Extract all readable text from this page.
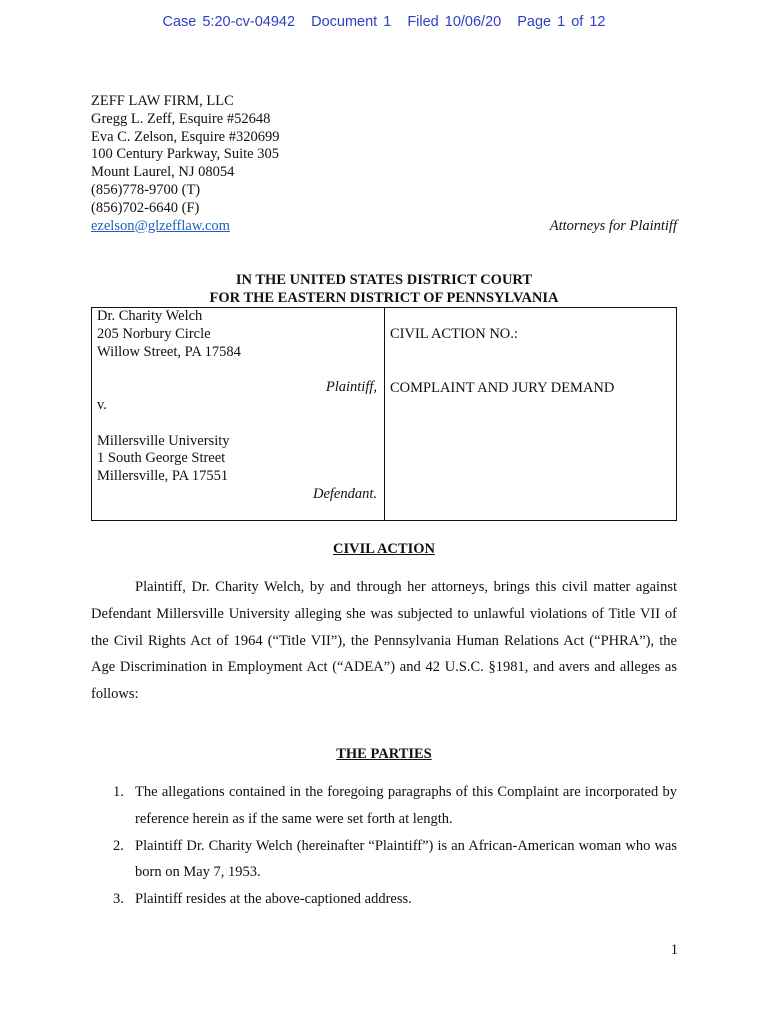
Case 5:20-cv-04942 Document 1 Filed 10/06/20 Page 1 of 12
ZEFF LAW FIRM, LLC
Gregg L. Zeff, Esquire #52648
Eva C. Zelson, Esquire #320699
100 Century Parkway, Suite 305
Mount Laurel, NJ 08054
(856)778-9700 (T)
(856)702-6640 (F)
ezelson@glzefflaw.com	Attorneys for Plaintiff
IN THE UNITED STATES DISTRICT COURT
FOR THE EASTERN DISTRICT OF PENNSYLVANIA
Dr. Charity Welch
205 Norbury Circle
Willow Street, PA 17584
Plaintiff,
v.
Millersville University
1 South George Street
Millersville, PA 17551
Defendant.
CIVIL ACTION NO.:
COMPLAINT AND JURY DEMAND
CIVIL ACTION
Plaintiff, Dr. Charity Welch, by and through her attorneys, brings this civil matter against Defendant Millersville University alleging she was subjected to unlawful violations of Title VII of the Civil Rights Act of 1964 (“Title VII”), the Pennsylvania Human Relations Act (“PHRA”), the Age Discrimination in Employment Act (“ADEA”) and 42 U.S.C. §1981, and avers and alleges as follows:
THE PARTIES
1. The allegations contained in the foregoing paragraphs of this Complaint are incorporated by reference herein as if the same were set forth at length.
2. Plaintiff Dr. Charity Welch (hereinafter “Plaintiff”) is an African-American woman who was born on May 7, 1953.
3. Plaintiff resides at the above-captioned address.
1
